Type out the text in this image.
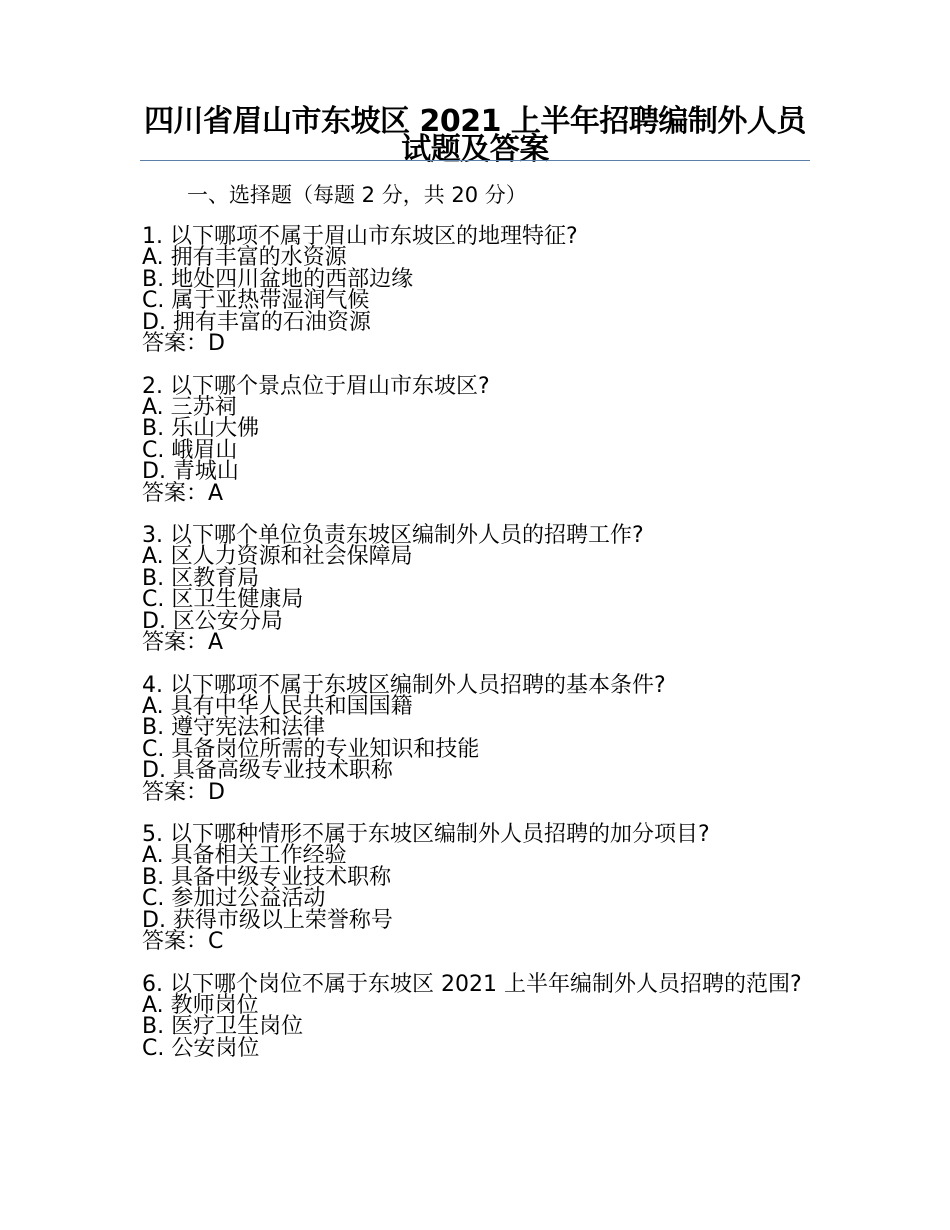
四川省眉山市东坡区 2021 上半年招聘编制外人员试题及答案
一、选择题（每题 2 分，共 20 分）
1. 以下哪项不属于眉山市东坡区的地理特征?
A. 拥有丰富的水资源
B. 地处四川盆地的西部边缘
C. 属于亚热带湿润气候
D. 拥有丰富的石油资源
答案：D
2. 以下哪个景点位于眉山市东坡区?
A. 三苏祠
B. 乐山大佛
C. 峨眉山
D. 青城山
答案：A
3. 以下哪个单位负责东坡区编制外人员的招聘工作?
A. 区人力资源和社会保障局
B. 区教育局
C. 区卫生健康局
D. 区公安分局
答案：A
4. 以下哪项不属于东坡区编制外人员招聘的基本条件?
A. 具有中华人民共和国国籍
B. 遵守宪法和法律
C. 具备岗位所需的专业知识和技能
D. 具备高级专业技术职称
答案：D
5. 以下哪种情形不属于东坡区编制外人员招聘的加分项目?
A. 具备相关工作经验
B. 具备中级专业技术职称
C. 参加过公益活动
D. 获得市级以上荣誉称号
答案：C
6. 以下哪个岗位不属于东坡区 2021 上半年编制外人员招聘的范围?
A. 教师岗位
B. 医疗卫生岗位
C. 公安岗位
